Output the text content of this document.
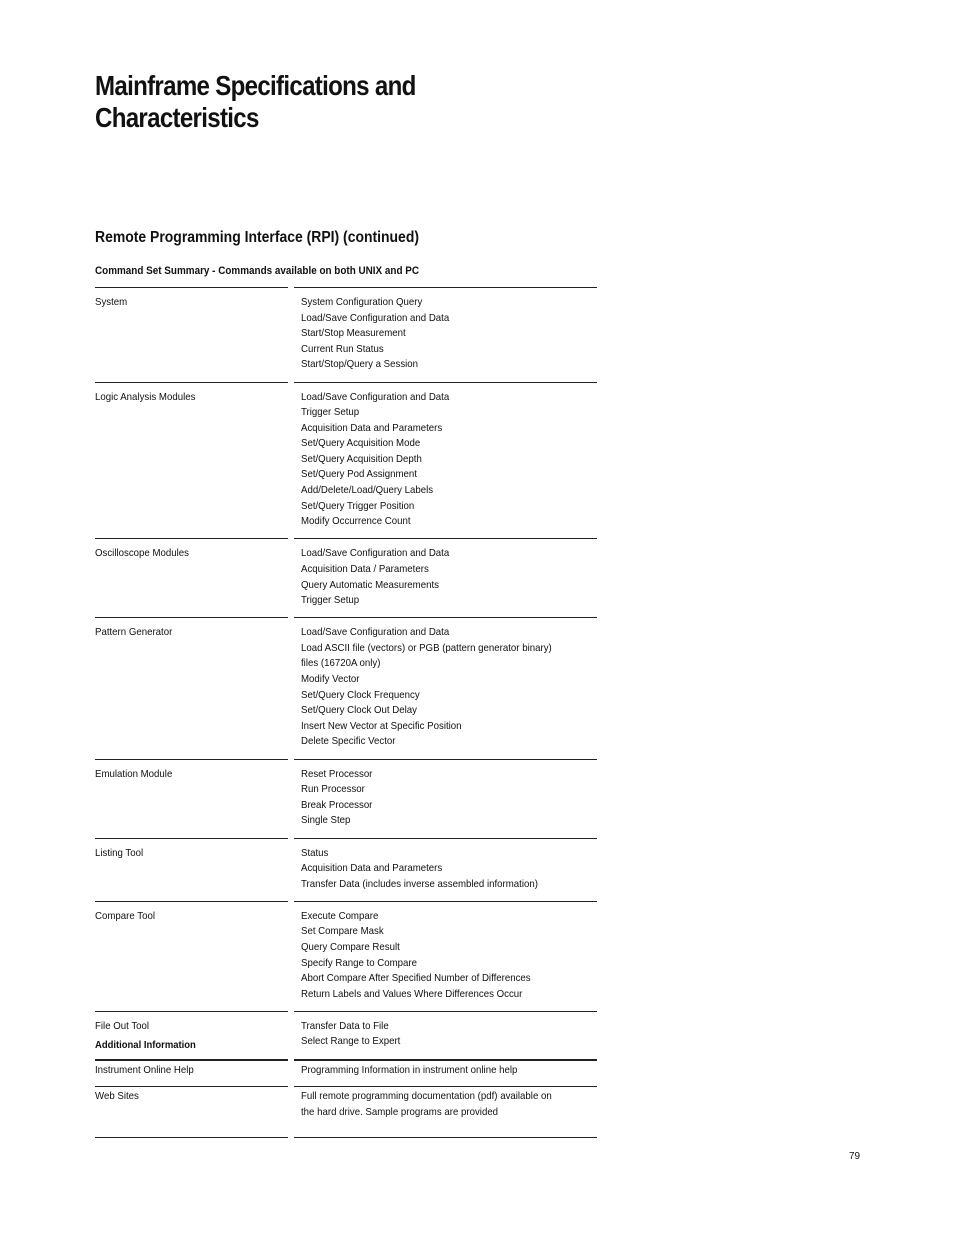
Mainframe Specifications and
Characteristics
Remote Programming Interface (RPI) (continued)
Command Set Summary - Commands available on both UNIX and PC
System	System Configuration Query
Load/Save Configuration and Data
Start/Stop Measurement
Current Run Status
Start/Stop/Query a Session
Logic Analysis Modules	Load/Save Configuration and Data
Trigger Setup
Acquisition Data and Parameters
Set/Query Acquisition Mode
Set/Query Acquisition Depth
Set/Query Pod Assignment
Add/Delete/Load/Query Labels
Set/Query Trigger Position
Modify Occurrence Count
Oscilloscope Modules	Load/Save Configuration and Data
Acquisition Data / Parameters
Query Automatic Measurements
Trigger Setup
Pattern Generator	Load/Save Configuration and Data
Load ASCII file (vectors) or PGB (pattern generator binary)
files (16720A only)
Modify Vector
Set/Query Clock Frequency
Set/Query Clock Out Delay
Insert New Vector at Specific Position
Delete Specific Vector
Emulation Module	Reset Processor
Run Processor
Break Processor
Single Step
Listing Tool	Status
Acquisition Data and Parameters
Transfer Data (includes inverse assembled information)
Compare Tool	Execute Compare
Set Compare Mask
Query Compare Result
Specify Range to Compare
Abort Compare After Specified Number of Differences
Return Labels and Values Where Differences Occur
File Out Tool	Transfer Data to File
Select Range to Expert
Additional Information
Instrument Online Help	Programming Information in instrument online help
Web Sites	Full remote programming documentation (pdf) available on
the hard drive. Sample programs are provided
79
